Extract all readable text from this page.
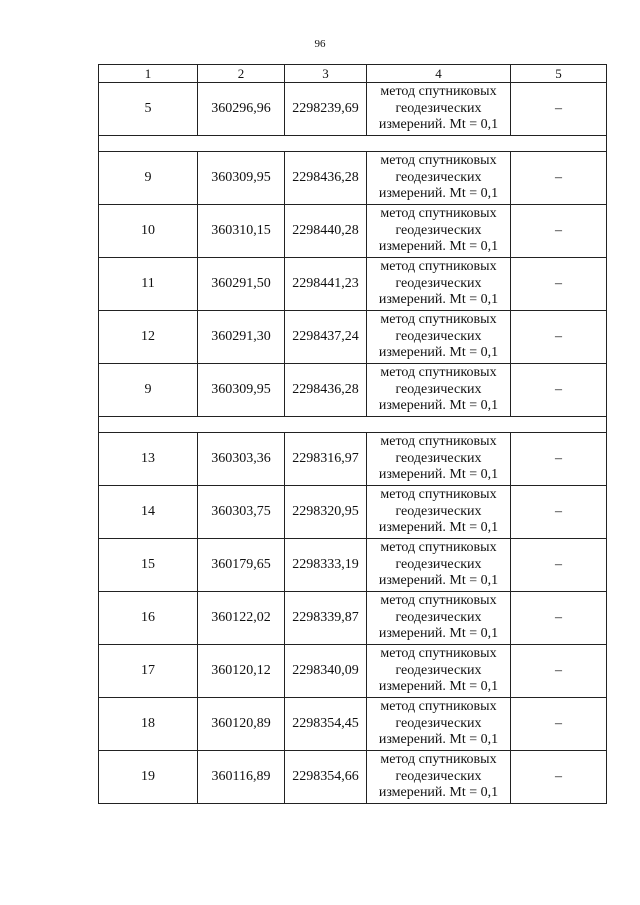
96
1	2	3	4	5
5	360296,96	2298239,69	метод спутниковых
геодезических
измерений. Mt = 0,1	–

9	360309,95	2298436,28	метод спутниковых
геодезических
измерений. Mt = 0,1	–
10	360310,15	2298440,28	метод спутниковых
геодезических
измерений. Mt = 0,1	–
11	360291,50	2298441,23	метод спутниковых
геодезических
измерений. Mt = 0,1	–
12	360291,30	2298437,24	метод спутниковых
геодезических
измерений. Mt = 0,1	–
9	360309,95	2298436,28	метод спутниковых
геодезических
измерений. Mt = 0,1	–

13	360303,36	2298316,97	метод спутниковых
геодезических
измерений. Mt = 0,1	–
14	360303,75	2298320,95	метод спутниковых
геодезических
измерений. Mt = 0,1	–
15	360179,65	2298333,19	метод спутниковых
геодезических
измерений. Mt = 0,1	–
16	360122,02	2298339,87	метод спутниковых
геодезических
измерений. Mt = 0,1	–
17	360120,12	2298340,09	метод спутниковых
геодезических
измерений. Mt = 0,1	–
18	360120,89	2298354,45	метод спутниковых
геодезических
измерений. Mt = 0,1	–
19	360116,89	2298354,66	метод спутниковых
геодезических
измерений. Mt = 0,1	–
